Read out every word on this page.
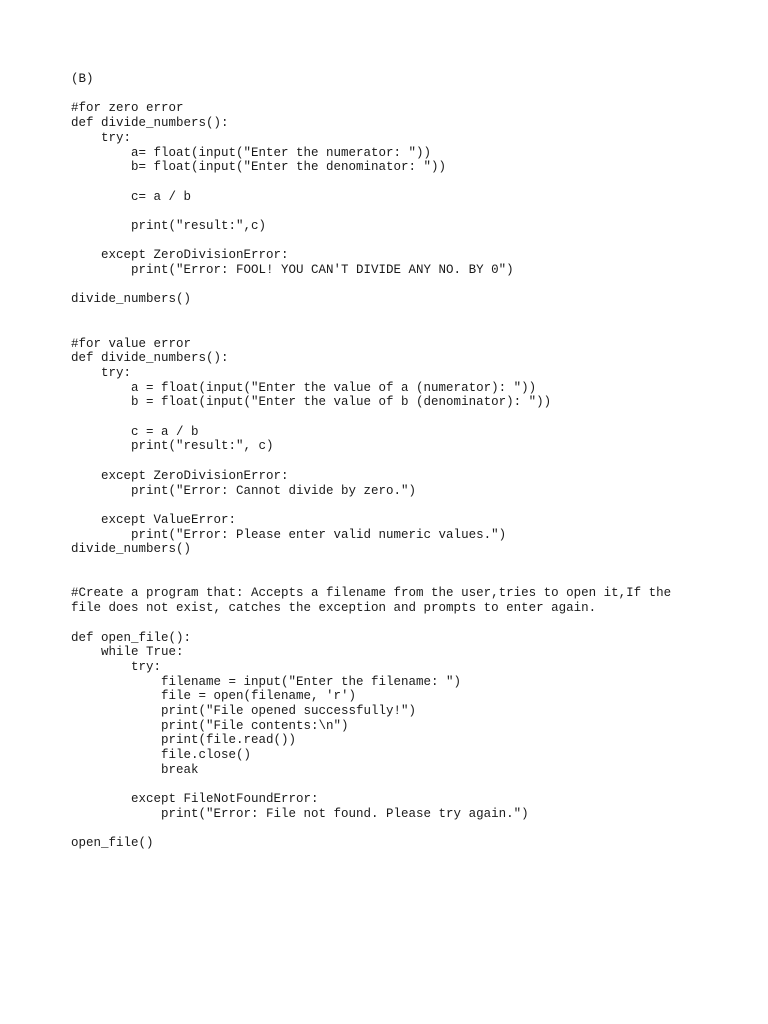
(B)
#for zero error
def divide_numbers():
try:
a= float(input("Enter the numerator: "))
b= float(input("Enter the denominator: "))
c= a / b
print("result:",c)
except ZeroDivisionError:
print("Error: FOOL! YOU CAN'T DIVIDE ANY NO. BY 0")
divide_numbers()
#for value error
def divide_numbers():
try:
a = float(input("Enter the value of a (numerator): "))
b = float(input("Enter the value of b (denominator): "))
c = a / b
print("result:", c)
except ZeroDivisionError:
print("Error: Cannot divide by zero.")
except ValueError:
print("Error: Please enter valid numeric values.")
divide_numbers()
#Create a program that: Accepts a filename from the user,tries to open it,If the
file does not exist, catches the exception and prompts to enter again.
def open_file():
while True:
try:
filename = input("Enter the filename: ")
file = open(filename, 'r')
print("File opened successfully!")
print("File contents:\n")
print(file.read())
file.close()
break
except FileNotFoundError:
print("Error: File not found. Please try again.")
open_file()
